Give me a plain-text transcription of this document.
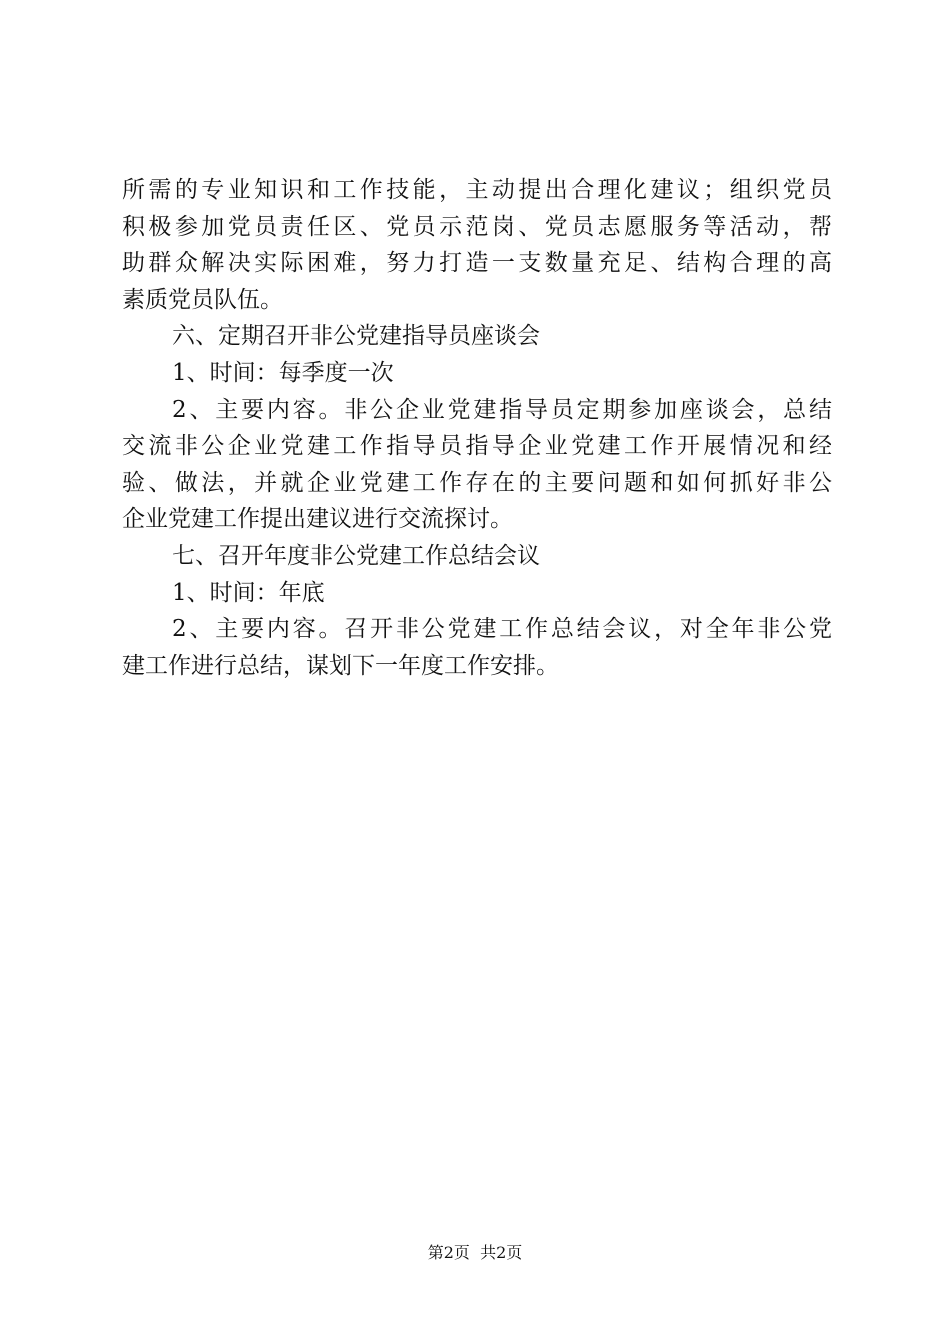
所需的专业知识和工作技能，主动提出合理化建议；组织党员
积极参加党员责任区、党员示范岗、党员志愿服务等活动，帮
助群众解决实际困难，努力打造一支数量充足、结构合理的高
素质党员队伍。
六、定期召开非公党建指导员座谈会
1、时间：每季度一次
2、主要内容。非公企业党建指导员定期参加座谈会，总结
交流非公企业党建工作指导员指导企业党建工作开展情况和经
验、做法，并就企业党建工作存在的主要问题和如何抓好非公
企业党建工作提出建议进行交流探讨。
七、召开年度非公党建工作总结会议
1、时间：年底
2、主要内容。召开非公党建工作总结会议，对全年非公党
建工作进行总结，谋划下一年度工作安排。
第2页  共2页
